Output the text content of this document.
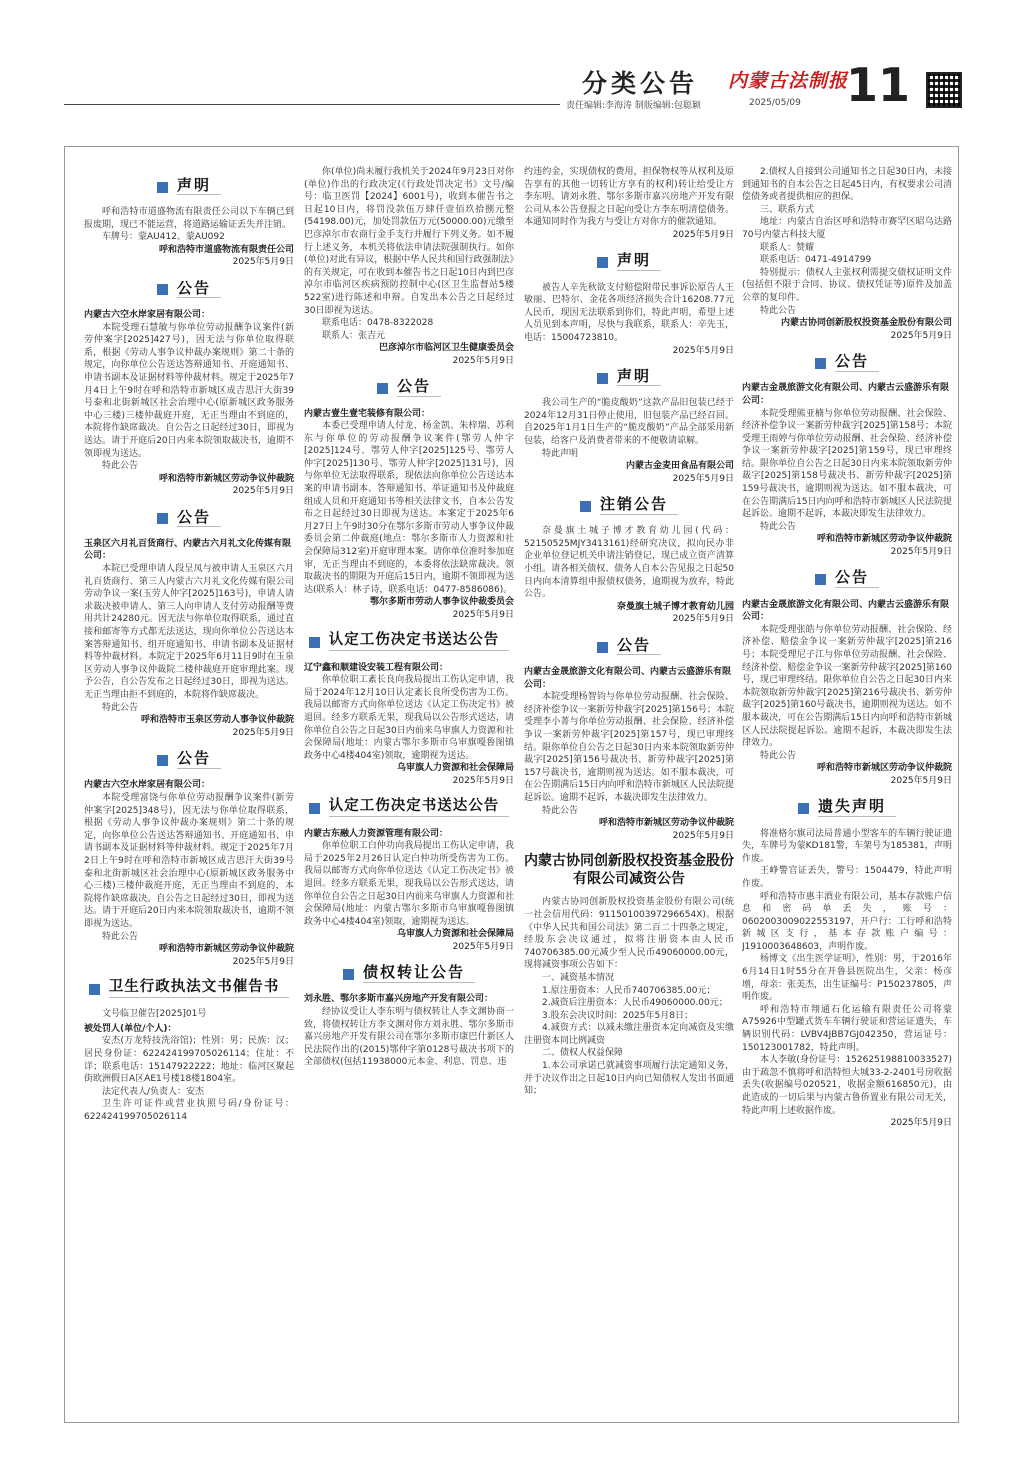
分类公告 内蒙古法制报
11
责任编辑:李海涛 制版编辑:包聪颖	2025/05/09
声明
呼和浩特市道盛物流有限责任公司以下车辆已到报废期，现已不能运营，将道路运输证丢失并注销。
车牌号：蒙AU412、蒙AU092
呼和浩特市道盛物流有限责任公司
2025年5月9日
公告
内蒙古六空水岸家居有限公司：
本院受理石慧敏与你单位劳动报酬争议案件(新劳仲案字[2025]427号)，因无法与你单位取得联系，根据《劳动人事争议仲裁办案规则》第二十条的规定，向你单位公告送达答辩通知书、开庭通知书、申请书副本及证据材料等仲裁材料。规定于2025年7月4日上午9时在呼和浩特市新城区成吉思汗大街39号泰和北街新城区社会治理中心(原新城区政务服务中心三楼)三楼仲裁庭开庭，无正当理由不到庭的，本院将作缺席裁决。自公告之日起经过30日，即视为送达。请于开庭后20日内来本院领取裁决书，逾期不领即视为送达。
特此公告
呼和浩特市新城区劳动争议仲裁院
2025年5月9日
公告
玉泉区六月礼百货商行、内蒙古六月礼文化传媒有限公司：
本院已受理申请人段呈凤与被申请人玉泉区六月礼百货商行、第三人内蒙古六月礼文化传媒有限公司劳动争议一案(玉劳人仲字[2025]163号)，申请人请求裁决被申请人、第三人向申请人支付劳动报酬等费用共计24280元。因无法与你单位取得联系，通过直接和邮寄等方式都无法送达，现向你单位公告送达本案答辩通知书、组开庭通知书、申请书副本及证据材料等仲裁材料。本院定于2025年6月11日9时在玉泉区劳动人事争议仲裁院二楼仲裁庭开庭审理此案。现予公告，自公告发布之日起经过30日，即视为送达。无正当理由拒不到庭的，本院将作缺席裁决。
特此公告
呼和浩特市玉泉区劳动人事争议仲裁院
2025年5月9日
公告
内蒙古六空水岸家居有限公司：
本院受理富饶与你单位劳动报酬争议案件(新劳仲案字[2025]348号)，因无法与你单位取得联系，根据《劳动人事争议仲裁办案规则》第二十条的规定，向你单位公告送达答辩通知书、开庭通知书、申请书副本及证据材料等仲裁材料。规定于2025年7月2日上午9时在呼和浩特市新城区成吉思汗大街39号泰和北街新城区社会治理中心(原新城区政务服务中心三楼)三楼仲裁庭开庭，无正当理由不到庭的，本院将作缺席裁决。自公告之日起经过30日，即视为送达。请于开庭后20日内来本院领取裁决书，逾期不领即视为送达。
特此公告
呼和浩特市新城区劳动争议仲裁院
2025年5月9日
卫生行政执法文书催告书
文号临卫催告[2025]01号
被处罚人(单位/个人)：
安杰(万龙特技洗浴馆)；性别：男；民族：汉；居民身份证：622424199705026114；住址：不详；联系电话：15147922222；地址：临河区聚起街欧洲假日A区AE1号楼18楼1804室。
法定代表人/负责人：安杰
卫生许可证件或营业执照号码/身份证号：622424199705026114
你(单位)尚未履行我机关于2024年9月23日对你(单位)作出的行政决定(《行政处罚决定书》文号/编号：临卫医罚【2024】6001号)，收到本催告书之日起10日内，将罚没款伍万肆仟壹佰玖拾捌元整(54198.00)元，加处罚款伍万元(50000.00)元缴至巴彦淖尔市农商行金手支行并履行下列义务。如不履行上述义务，本机关将依法申请法院强制执行。如你(单位)对此有异议，根据中华人民共和国行政强制法》的有关规定，可在收到本催告书之日起10日内到巴彦淖尔市临河区疾病预防控制中心(区卫生监督站5楼522室)进行陈述和申辩。自发出本公告之日起经过30日即视为送达。
联系电话：0478-8322028
联系人：张吉元
巴彦淖尔市临河区卫生健康委员会
2025年5月9日
公告
内蒙古壹生壹宅装修有限公司：
本委已受理申请人付龙、杨金凯、朱梓瑞、苏利东与你单位的劳动报酬争议案件(鄂劳人仲字[2025]124号、鄂劳人仲字[2025]125号、鄂劳人仲字[2025]130号、鄂劳人仲字[2025]131号)，因与你单位无法取得联系，现依法向你单位公告送达本案的申请书副本、答辩通知书、举证通知书及仲裁庭组成人员和开庭通知书等相关法律文书，自本公告发布之日起经过30日即视为送达。本案定于2025年6月27日上午9时30分在鄂尔多斯市劳动人事争议仲裁委员会第二仲裁庭(地点：鄂尔多斯市人力资源和社会保障局312室)开庭审理本案。请你单位准时参加庭审，无正当理由不到庭的，本委将依法缺席裁决。领取裁决书的期限为开庭后15日内，逾期不领即视为送达(联系人：林子诗，联系电话：0477-8586086)。
鄂尔多斯市劳动人事争议仲裁委员会
2025年5月9日
认定工伤决定书送达公告
辽宁鑫和顺建设安装工程有限公司：
你单位职工紊长良向我局提出工伤认定申请，我局于2024年12月10日认定紊长良所受伤害为工伤。我局以邮寄方式向你单位送达《认定工伤决定书》被退回。经多方联系无果，现我局以公告形式送达，请你单位自公告之日起30日内前来乌审旗人力资源和社会保障局(地址：内蒙古鄂尔多斯市乌审旗嘎鲁图镇政务中心4楼404室)领取，逾期视为送达。
乌审旗人力资源和社会保障局
2025年5月9日
认定工伤决定书送达公告
内蒙古东融人力资源管理有限公司：
你单位职工白仲功向我局提出工伤认定申请，我局于2025年2月26日认定白仲功所受伤害为工伤。我局以邮寄方式向你单位送达《认定工伤决定书》被退回。经多方联系无果，现我局以公告形式送达，请你单位自公告之日起30日内前来乌审旗人力资源和社会保障局(地址：内蒙古鄂尔多斯市乌审旗嘎鲁图镇政务中心4楼404室)领取，逾期视为送达。
乌审旗人力资源和社会保障局
2025年5月9日
债权转让公告
刘永胜、鄂尔多斯市嘉兴房地产开发有限公司：
经协议受让人李东明与债权转让人李文渊协商一致，将债权转让方李文渊对你方刘永胜、鄂尔多斯市嘉兴房地产开发有限公司在鄂尔多斯市康巴什新区人民法院作出的(2015)鄂仲字第0128号裁决书项下的全部债权(包括11938000元本金、利息、罚息、违
约违约金，实现债权的费用，担保物权等从权利及原告享有的其他一切转让方享有的权利)转让给受让方李东明。请刘永胜、鄂尔多斯市嘉兴房地产开发有限公司从本公告登报之日起向受让方李东明清偿债务。本通知同时作为我方与受让方对你方的催款通知。
2025年5月9日
声明
被告人辛先秋欲支付赔偿附带民事诉讼原告人王敏丽、巴特尔、金花各项经济损失合计16208.77元人民币，现因无法联系到你们，特此声明，希望上述人员见到本声明，尽快与我联系，联系人：辛先玉，电话：15004723810。
2025年5月9日
声明
我公司生产的“脆皮酸奶”这款产品旧包装已经于2024年12月31日停止使用，旧包装产品已经召回。自2025年1月1日生产的“脆皮酸奶”产品全部采用新包装，给客户及消费者带来的不便敬请谅解。
特此声明
内蒙古金麦田食品有限公司
2025年5月9日
注销公告
奈曼旗土城子博才教育幼儿园(代码：52150525MJY3413161)经研究决议，拟向民办非企业单位登记机关申请注销登记，现已成立资产清算小组。请各相关债权、债务人自本公告见报之日起50日内向本清算组申报债权债务，逾期视为放弃，特此公告。
奈曼旗土城子博才教育幼儿园
2025年5月9日
公告
内蒙古金晟旅游文化有限公司、内蒙古云盛游乐有限公司：
本院受理杨智钧与你单位劳动报酬、社会保险、经济补偿争议一案新劳仲裁字[2025]第156号；本院受理李小菁与你单位劳动报酬、社会保险、经济补偿争议一案新劳仲裁字[2025]第157号，现已审理终结。限你单位自公告之日起30日内来本院领取新劳仲裁字[2025]第156号裁决书、新劳仲裁字[2025]第157号裁决书，逾期则视为送达。如不服本裁决，可在公告期满后15日内向呼和浩特市新城区人民法院提起诉讼。逾期不起诉，本裁决即发生法律效力。
特此公告
呼和浩特市新城区劳动争议仲裁院
2025年5月9日
内蒙古协同创新股权投资基金股份有限公司减资公告
内蒙古协同创新股权投资基金股份有限公司(统一社会信用代码：91150100397296654X)。根据《中华人民共和国公司法》第二百二十四条之规定，经股东会决议通过，拟将注册资本由人民币740706385.00元减少至人民币49060000.00元，现将减资事项公告如下：
一、减资基本情况
1.原注册资本：人民币740706385.00元；
2.减资后注册资本：人民币49060000.00元；
3.股东会决议时间：2025年5月8日；
4.减资方式：以减未缴注册资本定向减资及实缴注册资本同比例减资
二、债权人权益保障
1.本公司承诺已就减资事项履行法定通知义务，并于决议作出之日起10日内向已知债权人发出书面通知；
2.债权人自接到公司通知书之日起30日内，未接到通知书的自本公告之日起45日内，有权要求公司清偿债务或者提供相应的担保。
三、联系方式
地址：内蒙古自治区呼和浩特市赛罕区昭乌达路70号内蒙古科技大厦
联系人：赞耀
联系电话：0471-4914799
特别提示：债权人主张权利需提交债权证明文件(包括但不限于合同、协议、债权凭证等)原件及加盖公章的复印件。
特此公告
内蒙古协同创新股权投资基金股份有限公司
2025年5月9日
公告
内蒙古金晟旅游文化有限公司、内蒙古云盛游乐有限公司：
本院受理熊亚楠与你单位劳动报酬、社会保险、经济补偿争议一案新劳仲裁字[2025]第158号；本院受理王雨婷与你单位劳动报酬、社会保险、经济补偿争议一案新劳仲裁字[2025]第159号，现已审理终结。限你单位自公告之日起30日内来本院领取新劳仲裁字[2025]第158号裁决书、新劳仲裁字[2025]第159号裁决书，逾期则视为送达。如不服本裁决，可在公告期满后15日内向呼和浩特市新城区人民法院提起诉讼。逾期不起诉，本裁决即发生法律效力。
特此公告
呼和浩特市新城区劳动争议仲裁院
2025年5月9日
公告
内蒙古金晟旅游文化有限公司、内蒙古云盛游乐有限公司：
本院受理张皓与你单位劳动报酬、社会保险、经济补偿、赔偿金争议一案新劳仲裁字[2025]第216号；本院受理尼子江与你单位劳动报酬、社会保险、经济补偿、赔偿金争议一案新劳仲裁字[2025]第160号，现已审理终结。限你单位自公告之日起30日内来本院领取新劳仲裁字[2025]第216号裁决书、新劳仲裁字[2025]第160号裁决书，逾期则视为送达。如不服本裁决，可在公告期满后15日内向呼和浩特市新城区人民法院提起诉讼。逾期不起诉，本裁决即发生法律效力。
特此公告
呼和浩特市新城区劳动争议仲裁院
2025年5月9日
遗失声明
将准格尔旗司法局普通小型客车的车辆行驶证遗失，车牌号为蒙KD181警，车架号为185381，声明作废。
王峥警官证丢失，警号：1504479，特此声明作废。
呼和浩特市惠丰酒业有限公司，基本存款账户信息和密码单丢失，账号：0602003009022553197，开户行：工行呼和浩特新城区支行，基本存款账户编号：J1910003648603，声明作废。
杨博文《出生医学证明》，性别：男，于2016年6月14日1时55分在开鲁县医院出生，父亲：杨彦增，母亲：张美杰，出生证编号：P150237805，声明作废。
呼和浩特市翔通石化运输有限责任公司将蒙A75926中型罐式货车车辆行驶证和营运证遗失，车辆识别代码：LVBV4JBB7GJ042350，营运证号：150123001782，特此声明。
本人李敏(身份证号：152625198810033527)由于疏忽不慎将呼和浩特恒大城33-2-2401号房收据丢失(收据编号020521，收据金额616850元)，由此造成的一切后果与内蒙古鲁侨置业有限公司无关，特此声明上述收据作废。
2025年5月9日
